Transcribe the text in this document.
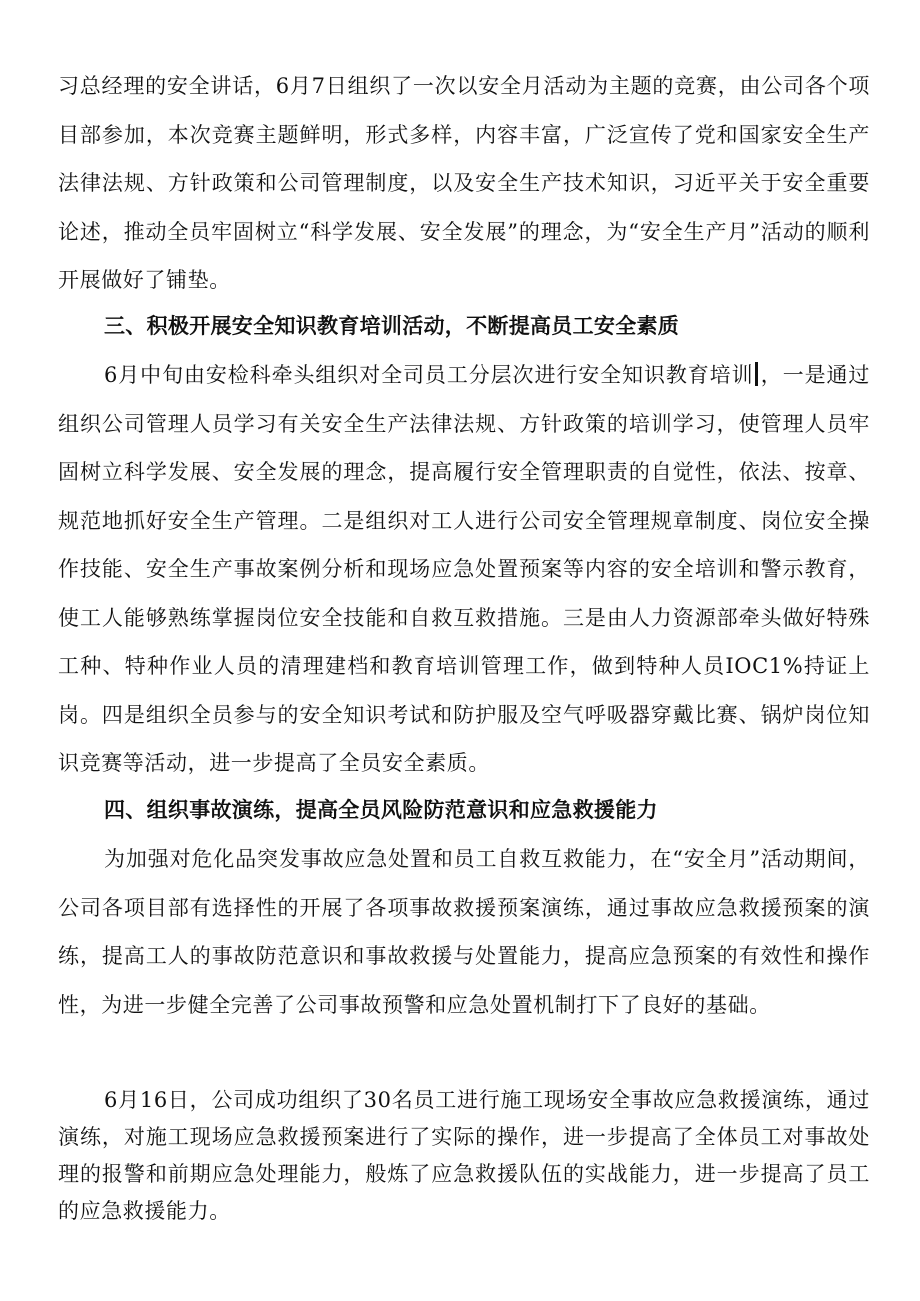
习总经理的安全讲话，6月7日组织了一次以安全月活动为主题的竞赛，由公司各个项目部参加，本次竞赛主题鲜明，形式多样，内容丰富，广泛宣传了党和国家安全生产法律法规、方针政策和公司管理制度，以及安全生产技术知识，习近平关于安全重要论述，推动全员牢固树立“科学发展、安全发展”的理念，为“安全生产月”活动的顺利开展做好了铺垫。
三、积极开展安全知识教育培训活动，不断提高员工安全素质
6月中旬由安检科牵头组织对全司员工分层次进行安全知识教育培训 ，一是通过组织公司管理人员学习有关安全生产法律法规、方针政策的培训学习，使管理人员牢固树立科学发展、安全发展的理念，提高履行安全管理职责的自觉性，依法、按章、规范地抓好安全生产管理。二是组织对工人进行公司安全管理规章制度、岗位安全操作技能、安全生产事故案例分析和现场应急处置预案等内容的安全培训和警示教育，使工人能够熟练掌握岗位安全技能和自救互救措施。三是由人力资源部牵头做好特殊工种、特种作业人员的清理建档和教育培训管理工作，做到特种人员IOC1%持证上岗。四是组织全员参与的安全知识考试和防护服及空气呼吸器穿戴比赛、锅炉岗位知识竞赛等活动，进一步提高了全员安全素质。
四、组织事故演练，提高全员风险防范意识和应急救援能力
为加强对危化品突发事故应急处置和员工自救互救能力，在“安全月”活动期间，公司各项目部有选择性的开展了各项事故救援预案演练，通过事故应急救援预案的演练，提高工人的事故防范意识和事故救援与处置能力，提高应急预案的有效性和操作性，为进一步健全完善了公司事故预警和应急处置机制打下了良好的基础。
6月16日，公司成功组织了30名员工进行施工现场安全事故应急救援演练，通过演练，对施工现场应急救援预案进行了实际的操作，进一步提高了全体员工对事故处理的报警和前期应急处理能力，般炼了应急救援队伍的实战能力，进一步提高了员工的应急救援能力。
